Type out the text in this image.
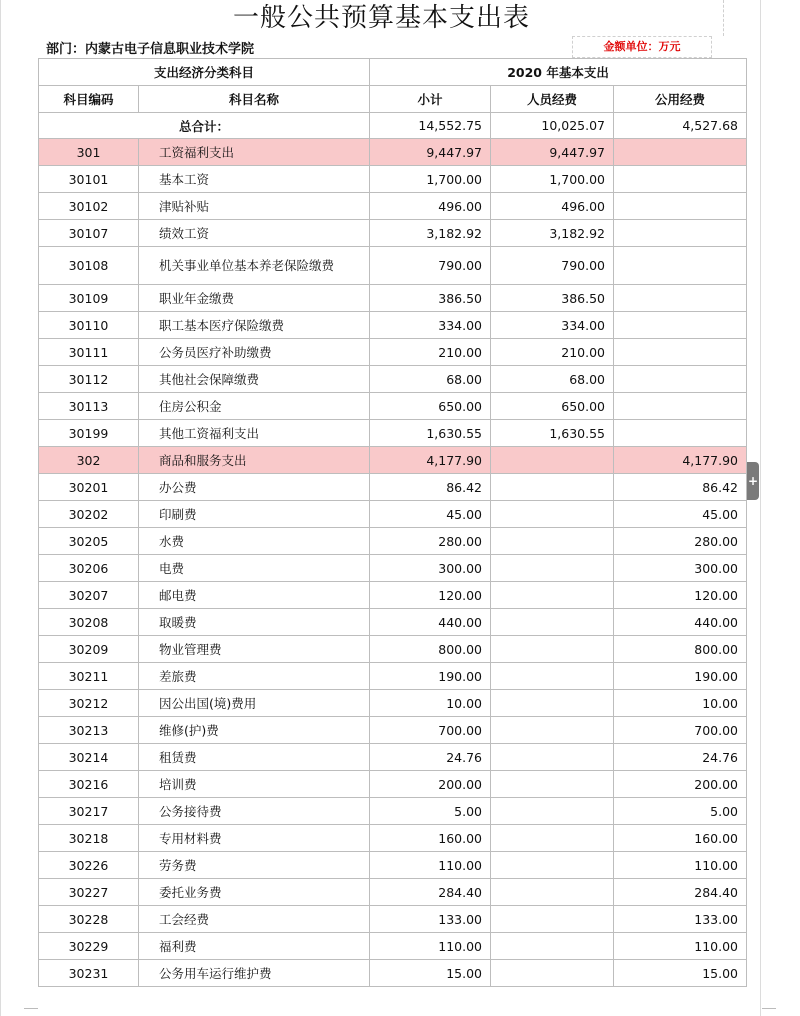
一般公共预算基本支出表
部门：内蒙古电子信息职业技术学院	金额单位：万元
支出经济分类科目		2020 年基本支出		
科目编码	科目名称	小计	人员经费	公用经费
总合计：		14,552.75	10,025.07	4,527.68
301	工资福利支出	9,447.97	9,447.97	
30101	基本工资	1,700.00	1,700.00	
30102	津贴补贴	496.00	496.00	
30107	绩效工资	3,182.92	3,182.92	
30108	机关事业单位基本养老保险缴费	790.00	790.00	
30109	职业年金缴费	386.50	386.50	
30110	职工基本医疗保险缴费	334.00	334.00	
30111	公务员医疗补助缴费	210.00	210.00	
30112	其他社会保障缴费	68.00	68.00	
30113	住房公积金	650.00	650.00	
30199	其他工资福利支出	1,630.55	1,630.55	
302	商品和服务支出	4,177.90		4,177.90
30201	办公费	86.42		86.42
30202	印刷费	45.00		45.00
30205	水费	280.00		280.00
30206	电费	300.00		300.00
30207	邮电费	120.00		120.00
30208	取暖费	440.00		440.00
30209	物业管理费	800.00		800.00
30211	差旅费	190.00		190.00
30212	因公出国(境)费用	10.00		10.00
30213	维修(护)费	700.00		700.00
30214	租赁费	24.76		24.76
30216	培训费	200.00		200.00
30217	公务接待费	5.00		5.00
30218	专用材料费	160.00		160.00
30226	劳务费	110.00		110.00
30227	委托业务费	284.40		284.40
30228	工会经费	133.00		133.00
30229	福利费	110.00		110.00
30231	公务用车运行维护费	15.00		15.00
+
